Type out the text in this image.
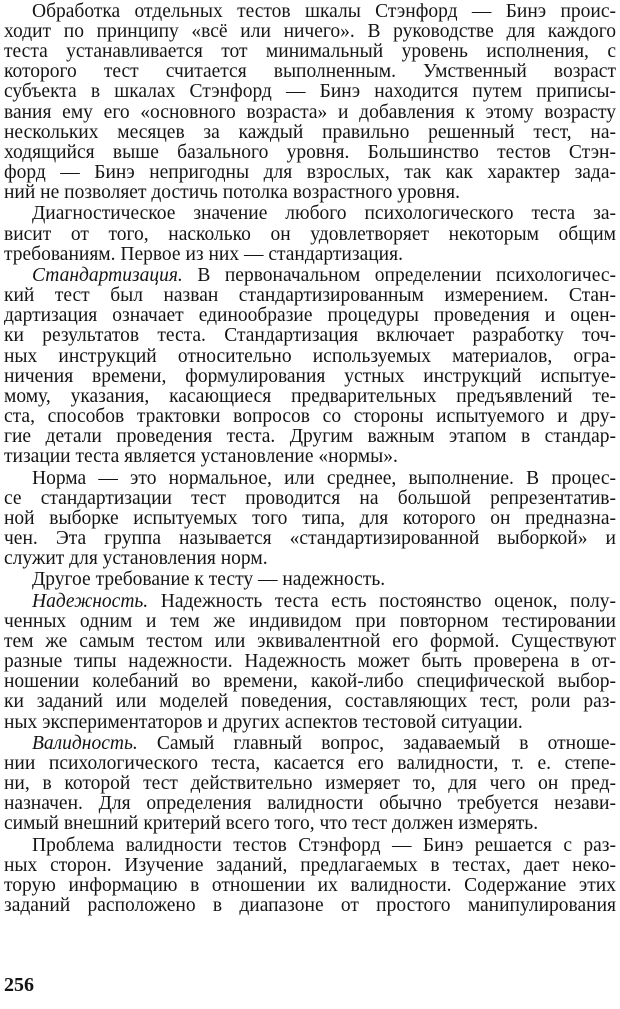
Обработка отдельных тестов шкалы Стэнфорд — Бинэ проис-
ходит по принципу «всё или ничего». В руководстве для каждого
теста устанавливается тот минимальный уровень исполнения, с
которого тест считается выполненным. Умственный возраст
субъекта в шкалах Стэнфорд — Бинэ находится путем приписы-
вания ему его «основного возраста» и добавления к этому возрасту
нескольких месяцев за каждый правильно решенный тест, на-
ходящийся выше базального уровня. Большинство тестов Стэн-
форд — Бинэ непригодны для взрослых, так как характер зада-
ний не позволяет достичь потолка возрастного уровня.
Диагностическое значение любого психологического теста за-
висит от того, насколько он удовлетворяет некоторым общим
требованиям. Первое из них — стандартизация.
Стандартизация. В первоначальном определении психологичес-
кий тест был назван стандартизированным измерением. Стан-
дартизация означает единообразие процедуры проведения и оцен-
ки результатов теста. Стандартизация включает разработку точ-
ных инструкций относительно используемых материалов, огра-
ничения времени, формулирования устных инструкций испытуе-
мому, указания, касающиеся предварительных предъявлений те-
ста, способов трактовки вопросов со стороны испытуемого и дру-
гие детали проведения теста. Другим важным этапом в стандар-
тизации теста является установление «нормы».
Норма — это нормальное, или среднее, выполнение. В процес-
се стандартизации тест проводится на большой репрезентатив-
ной выборке испытуемых того типа, для которого он предназна-
чен. Эта группа называется «стандартизированной выборкой» и
служит для установления норм.
Другое требование к тесту — надежность.
Надежность. Надежность теста есть постоянство оценок, полу-
ченных одним и тем же индивидом при повторном тестировании
тем же самым тестом или эквивалентной его формой. Существуют
разные типы надежности. Надежность может быть проверена в от-
ношении колебаний во времени, какой-либо специфической выбор-
ки заданий или моделей поведения, составляющих тест, роли раз-
ных экспериментаторов и других аспектов тестовой ситуации.
Валидность. Самый главный вопрос, задаваемый в отноше-
нии психологического теста, касается его валидности, т. е. степе-
ни, в которой тест действительно измеряет то, для чего он пред-
назначен. Для определения валидности обычно требуется незави-
симый внешний критерий всего того, что тест должен измерять.
Проблема валидности тестов Стэнфорд — Бинэ решается с раз-
ных сторон. Изучение заданий, предлагаемых в тестах, дает неко-
торую информацию в отношении их валидности. Содержание этих
заданий расположено в диапазоне от простого манипулирования
256
